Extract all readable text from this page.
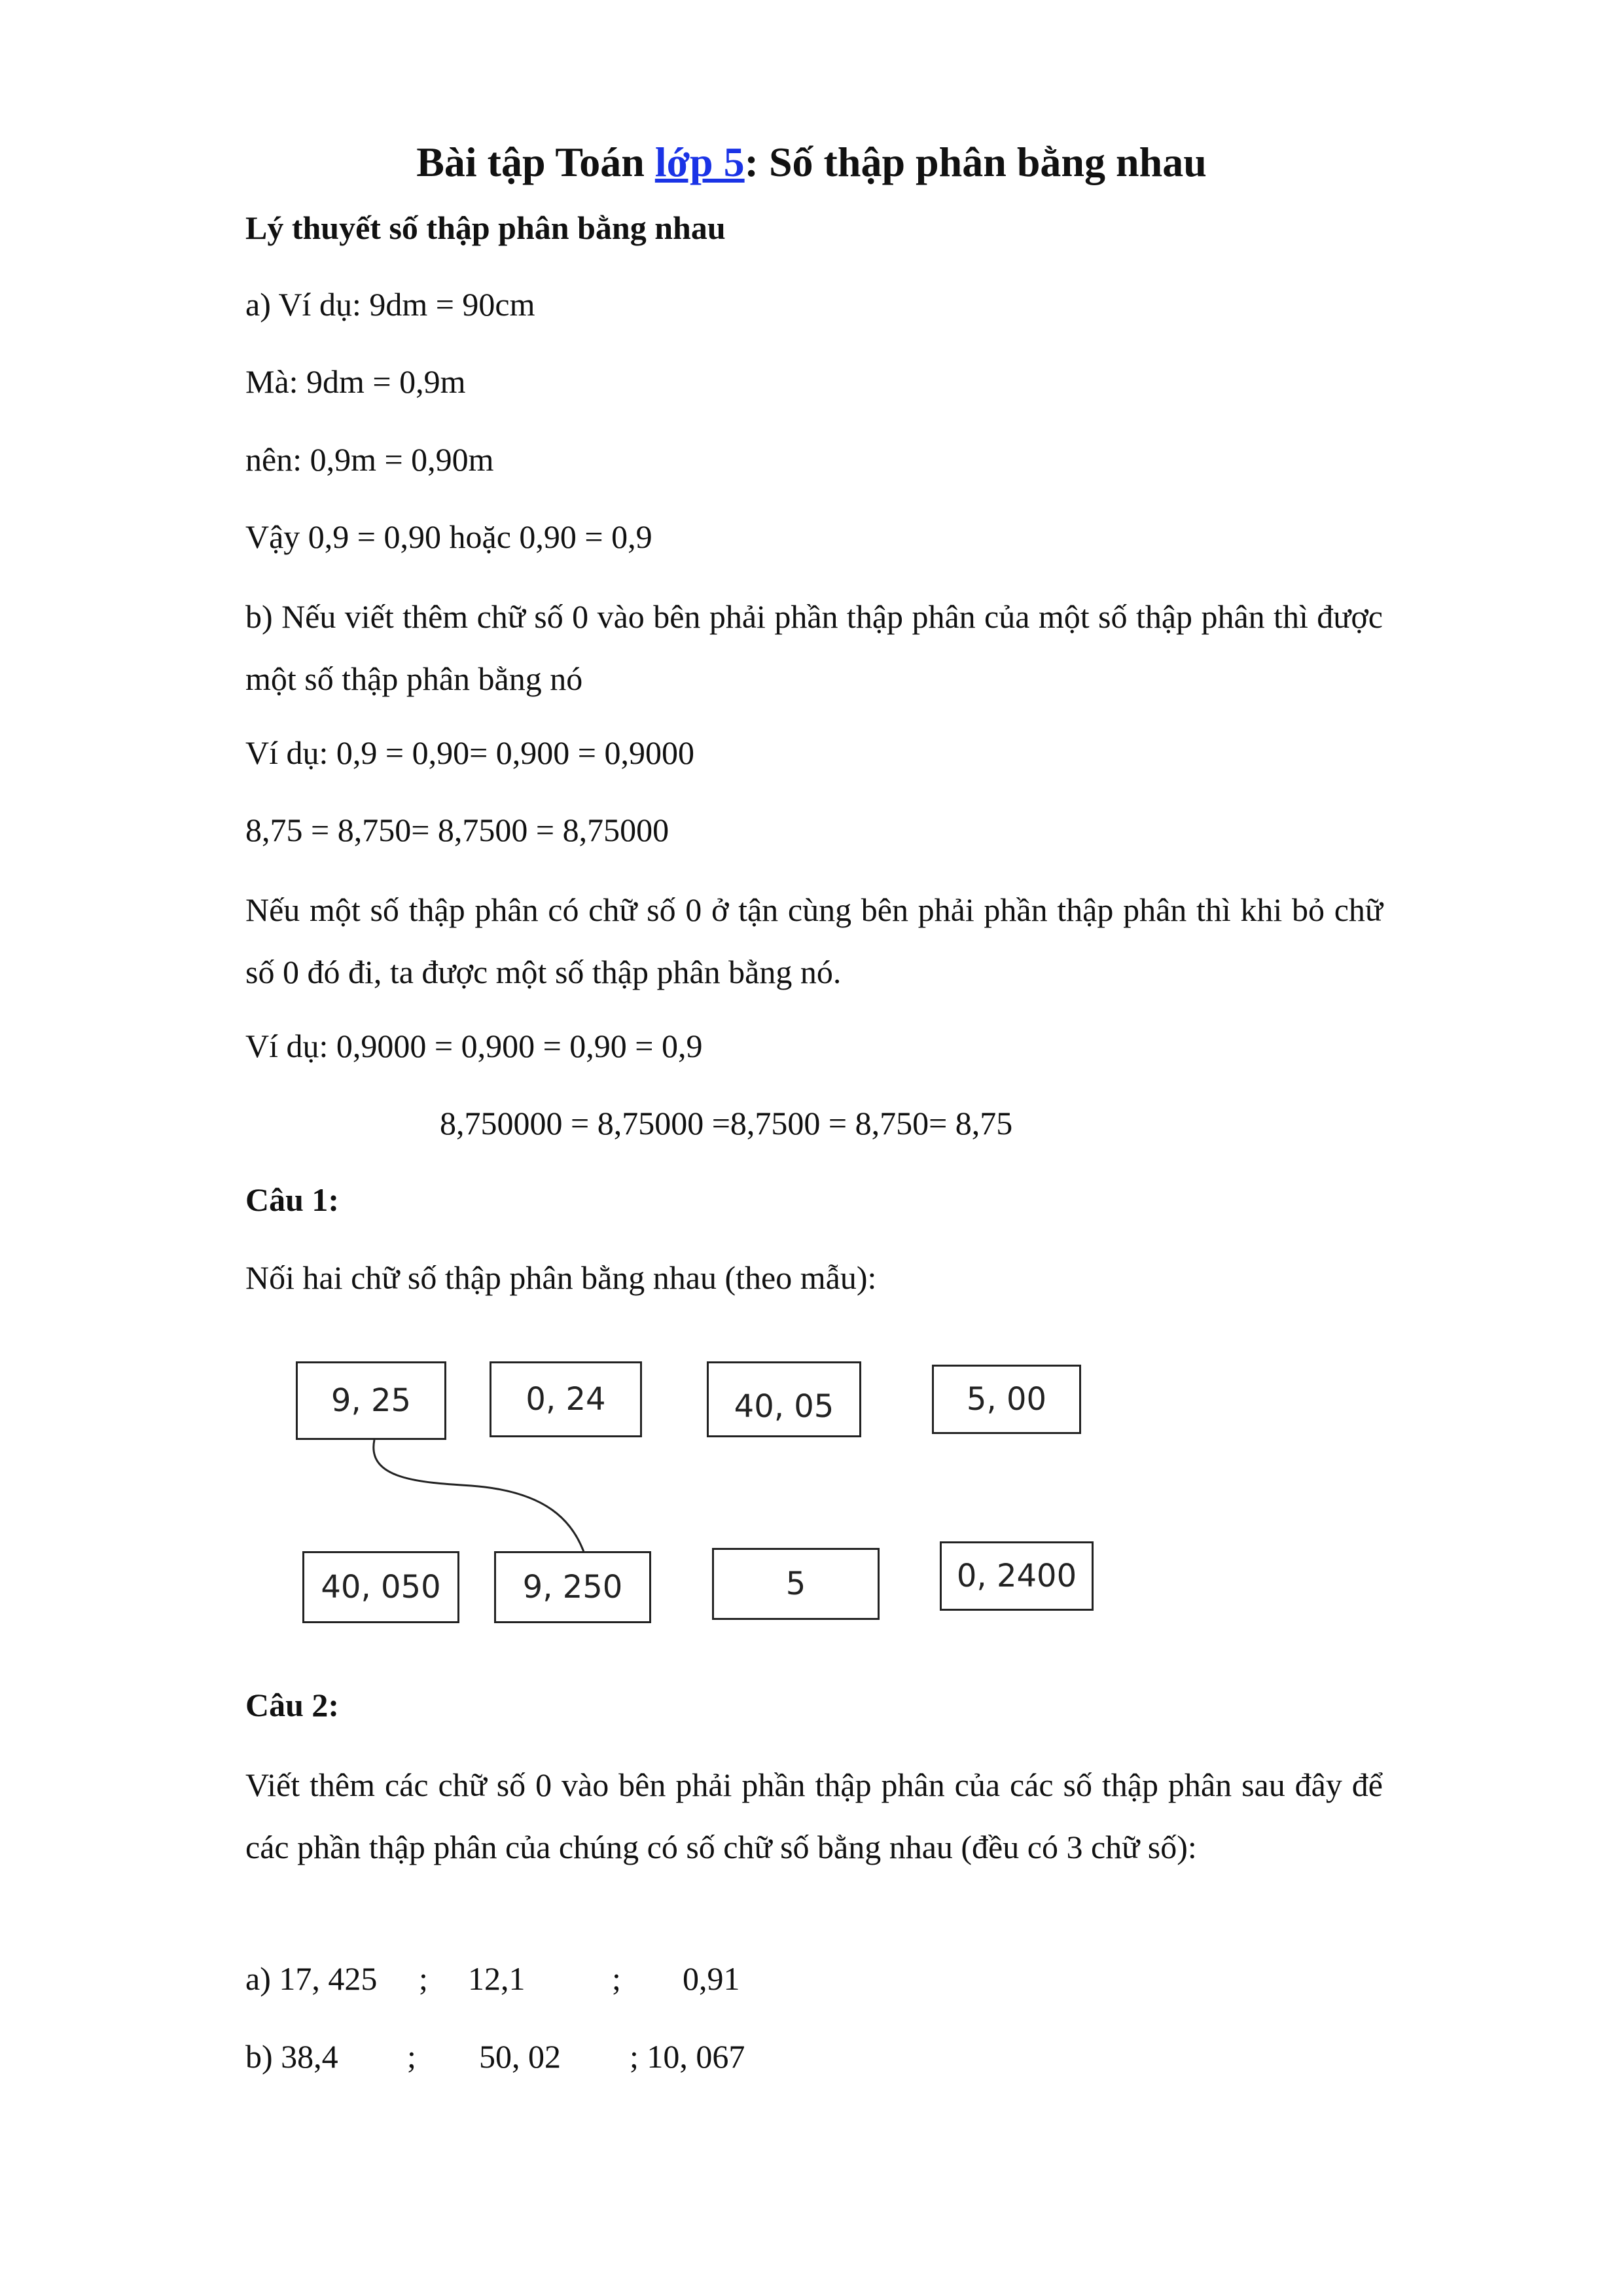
Bài tập Toán lớp 5: Số thập phân bằng nhau
Lý thuyết số thập phân bằng nhau
a) Ví dụ: 9dm = 90cm
Mà: 9dm = 0,9m
nên: 0,9m = 0,90m
Vậy 0,9 = 0,90 hoặc 0,90 = 0,9
b) Nếu viết thêm chữ số 0 vào bên phải phần thập phân của một số thập phân thì được một số thập phân bằng nó
Ví dụ: 0,9 = 0,90= 0,900 = 0,9000
8,75 = 8,750= 8,7500 = 8,75000
Nếu một số thập phân có chữ số 0 ở tận cùng bên phải phần thập phân thì khi bỏ chữ số 0 đó đi, ta được một số thập phân bằng nó.
Ví dụ: 0,9000 = 0,900 = 0,90 = 0,9
8,750000 = 8,75000 =8,7500 = 8,750= 8,75
Câu 1:
Nối hai chữ số thập phân bằng nhau (theo mẫu):
9, 25	0, 24	40, 05	5, 00
40, 050	9, 250	5	0, 2400
Câu 2:
Viết thêm các chữ số 0 vào bên phải phần thập phân của các số thập phân sau đây để các phần thập phân của chúng có số chữ số bằng nhau (đều có 3 chữ số):
a) 17, 425 ; 12,1	; 0,91
b) 38,4 ; 50, 02 ; 10, 067
